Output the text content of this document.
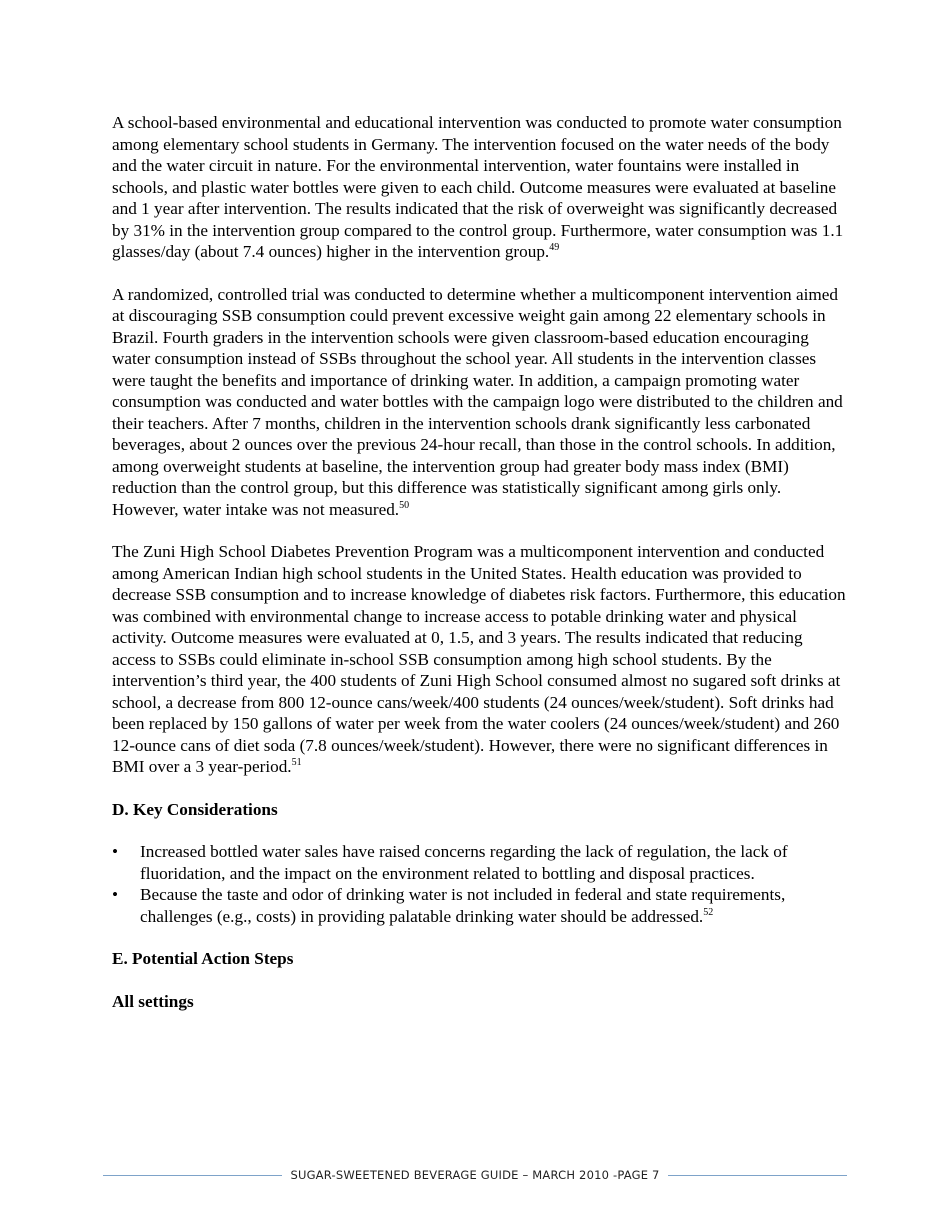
A school-based environmental and educational intervention was conducted to promote water consumption among elementary school students in Germany. The intervention focused on the water needs of the body and the water circuit in nature. For the environmental intervention, water fountains were installed in schools, and plastic water bottles were given to each child. Outcome measures were evaluated at baseline and 1 year after intervention. The results indicated that the risk of overweight was significantly decreased by 31% in the intervention group compared to the control group. Furthermore, water consumption was 1.1 glasses/day (about 7.4 ounces) higher in the intervention group.$^{49}$

A randomized, controlled trial was conducted to determine whether a multicomponent intervention aimed at discouraging SSB consumption could prevent excessive weight gain among 22 elementary schools in Brazil. Fourth graders in the intervention schools were given classroom-based education encouraging water consumption instead of SSBs throughout the school year. All students in the intervention classes were taught the benefits and importance of drinking water. In addition, a campaign promoting water consumption was conducted and water bottles with the campaign logo were distributed to the children and their teachers. After 7 months, children in the intervention schools drank significantly less carbonated beverages, about 2 ounces over the previous 24-hour recall, than those in the control schools. In addition, among overweight students at baseline, the intervention group had greater body mass index (BMI) reduction than the control group, but this difference was statistically significant among girls only. However, water intake was not measured.$^{50}$

The Zuni High School Diabetes Prevention Program was a multicomponent intervention and conducted among American Indian high school students in the United States. Health education was provided to decrease SSB consumption and to increase knowledge of diabetes risk factors. Furthermore, this education was combined with environmental change to increase access to potable drinking water and physical activity. Outcome measures were evaluated at 0, 1.5, and 3 years. The results indicated that reducing access to SSBs could eliminate in-school SSB consumption among high school students. By the intervention’s third year, the 400 students of Zuni High School consumed almost no sugared soft drinks at school, a decrease from 800 12-ounce cans/week/400 students (24 ounces/week/student). Soft drinks had been replaced by 150 gallons of water per week from the water coolers (24 ounces/week/student) and 260 12-ounce cans of diet soda (7.8 ounces/week/student). However, there were no significant differences in BMI over a 3 year-period.$^{51}$

D. Key Considerations
• Increased bottled water sales have raised concerns regarding the lack of regulation, the lack of fluoridation, and the impact on the environment related to bottling and disposal practices.
• Because the taste and odor of drinking water is not included in federal and state requirements, challenges (e.g., costs) in providing palatable drinking water should be addressed.$^{52}$
E. Potential Action Steps
All settings
SUGAR-SWEETENED BEVERAGE GUIDE – MARCH 2010 -PAGE 7
